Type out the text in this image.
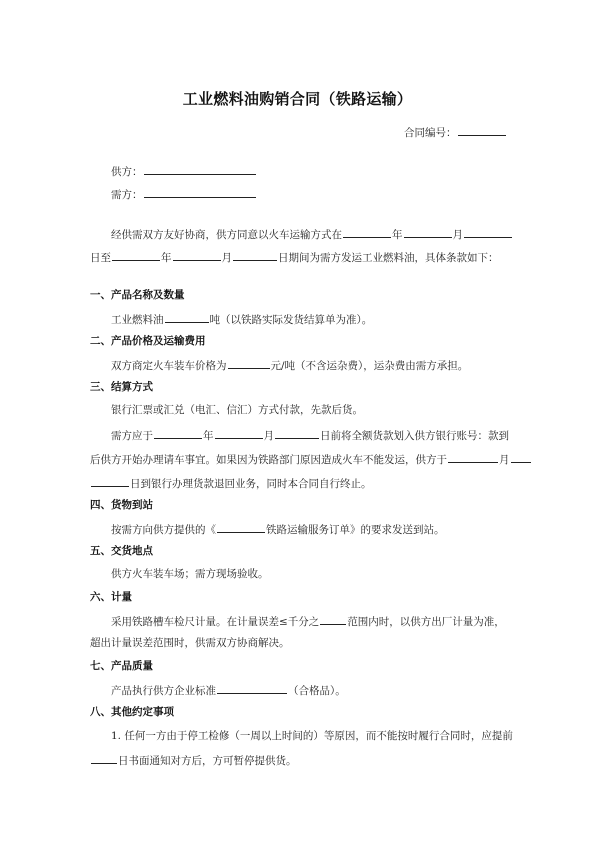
工业燃料油购销合同（铁路运输）
合同编号：
供方：
需方：
经供需双方友好协商，供方同意以火车运输方式在	年	月
日至	年	月	日期间为需方发运工业燃料油，具体条款如下：
一、产品名称及数量
工业燃料油	吨（以铁路实际发货结算单为准）。
二、产品价格及运输费用
双方商定火车装车价格为	元/吨（不含运杂费），运杂费由需方承担。
三、结算方式
银行汇票或汇兑（电汇、信汇）方式付款，先款后货。
需方应于	年	月	日前将全额货款划入供方银行账号：款到
后供方开始办理请车事宜。如果因为铁路部门原因造成火车不能发运，供方于	月
日到银行办理货款退回业务，同时本合同自行终止。
四、货物到站
按需方向供方提供的《	铁路运输服务订单》的要求发送到站。
五、交货地点
供方火车装车场；需方现场验收。
六、计量
采用铁路槽车检尺计量。在计量误差≤千分之	范围内时，以供方出厂计量为准，
超出计量误差范围时，供需双方协商解决。
七、产品质量
产品执行供方企业标准	（合格品）。
八、其他约定事项
1. 任何一方由于停工检修（一周以上时间的）等原因，而不能按时履行合同时，应提前
日书面通知对方后，方可暂停提供货。
